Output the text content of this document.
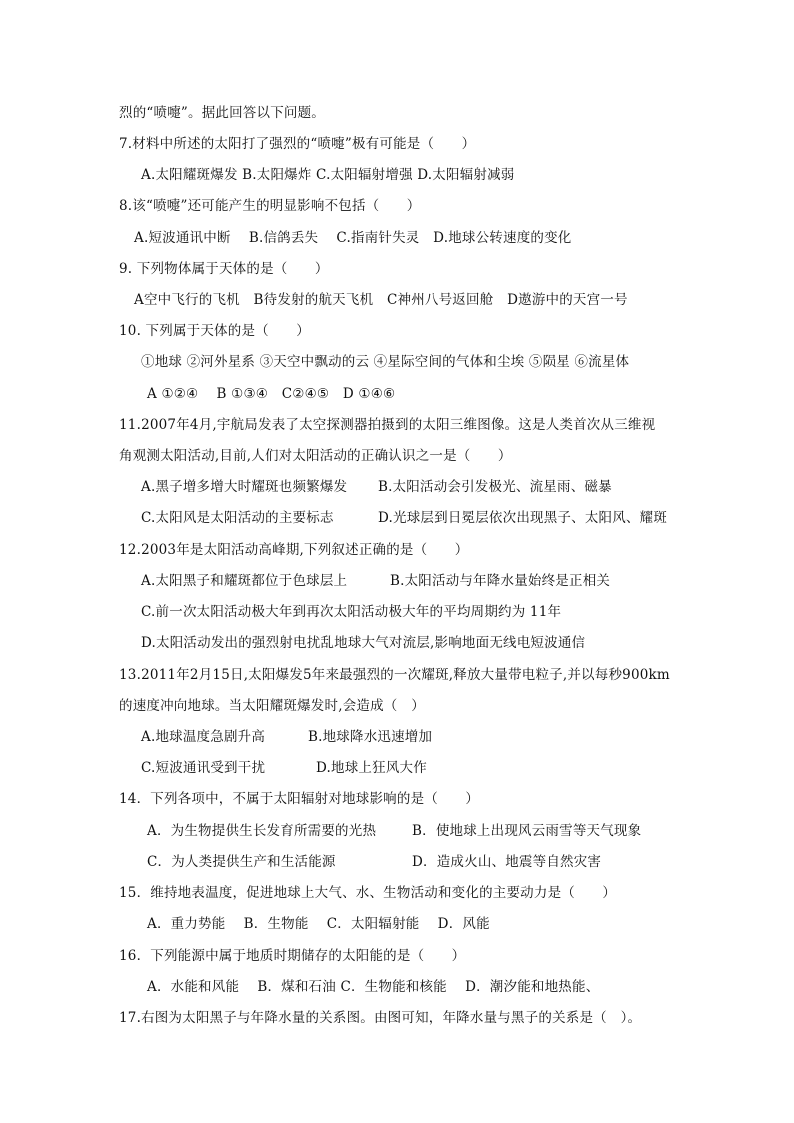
烈的“喷嚏”。据此回答以下问题。
7.材料中所述的太阳打了强烈的“喷嚏”极有可能是（　　）
A.太阳耀斑爆发 B.太阳爆炸 C.太阳辐射增强 D.太阳辐射减弱
8.该“喷嚏”还可能产生的明显影响不包括（　　）
A.短波通讯中断　 B.信鸽丢失　 C.指南针失灵　D.地球公转速度的变化
9. 下列物体属于天体的是（　　）
A空中飞行的飞机　B待发射的航天飞机　C神州八号返回舱　D遨游中的天宫一号
10. 下列属于天体的是（　　）
①地球 ②河外星系 ③天空中飘动的云 ④星际空间的气体和尘埃 ⑤陨星 ⑥流星体
A ①②④　 B ①③④　C②④⑤　D ①④⑥
11.2007年4月,宇航局发表了太空探测器拍摄到的太阳三维图像。这是人类首次从三维视
角观测太阳活动,目前,人们对太阳活动的正确认识之一是（　　）
A.黑子增多增大时耀斑也频繁爆发 B.太阳活动会引发极光、流星雨、磁暴
C.太阳风是太阳活动的主要标志	D.光球层到日冕层依次出现黑子、太阳风、耀斑
12.2003年是太阳活动高峰期,下列叙述正确的是（　　）
A.太阳黑子和耀斑都位于色球层上	B.太阳活动与年降水量始终是正相关
C.前一次太阳活动极大年到再次太阳活动极大年的平均周期约为 11年
D.太阳活动发出的强烈射电扰乱地球大气对流层,影响地面无线电短波通信
13.2011年2月15日,太阳爆发5年来最强烈的一次耀斑,释放大量带电粒子,并以每秒900km
的速度冲向地球。当太阳耀斑爆发时,会造成（　）
A.地球温度急剧升高	B.地球降水迅速增加
C.短波通讯受到干扰	D.地球上狂风大作
14．下列各项中，不属于太阳辐射对地球影响的是（　　）
A．为生物提供生长发育所需要的光热	B．使地球上出现风云雨雪等天气现象
C．为人类提供生产和生活能源	D．造成火山、地震等自然灾害
15．维持地表温度，促进地球上大气、水、生物活动和变化的主要动力是（　　）
A．重力势能　 B．生物能　 C．太阳辐射能　 D．风能
16．下列能源中属于地质时期储存的太阳能的是（　　）
A．水能和风能　 B．煤和石油 C．生物能和核能　 D．潮汐能和地热能、
17.右图为太阳黑子与年降水量的关系图。由图可知，年降水量与黑子的关系是（　）。
